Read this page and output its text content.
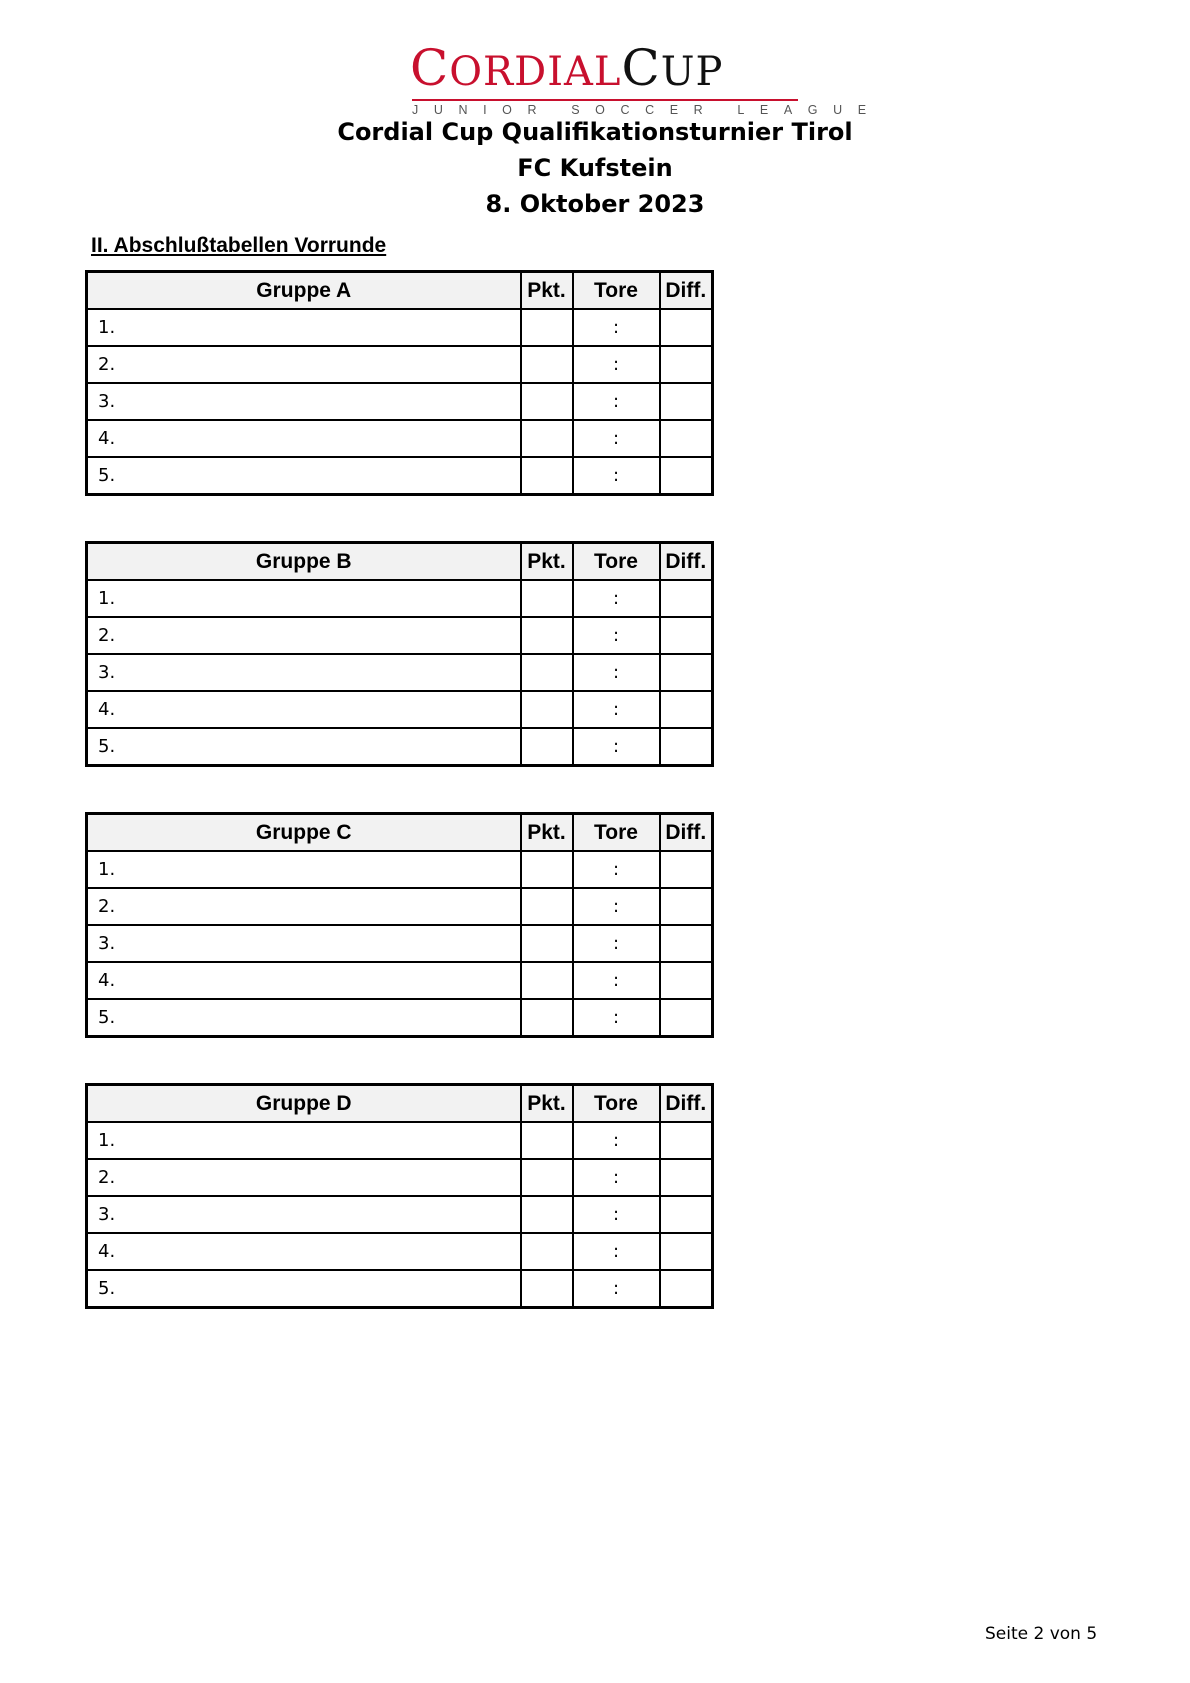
CORDIALCUP
JUNIOR SOCCER LEAGUE
Cordial Cup Qualifikationsturnier Tirol
FC Kufstein
8. Oktober 2023
II. Abschlußtabellen Vorrunde
Gruppe A	Pkt.	Tore	Diff.
1.		:	
2.		:	
3.		:	
4.		:	
5.		:	
Gruppe B	Pkt.	Tore	Diff.
1.		:	
2.		:	
3.		:	
4.		:	
5.		:	
Gruppe C	Pkt.	Tore	Diff.
1.		:	
2.		:	
3.		:	
4.		:	
5.		:	
Gruppe D	Pkt.	Tore	Diff.
1.		:	
2.		:	
3.		:	
4.		:	
5.		:	
Seite 2 von 5
